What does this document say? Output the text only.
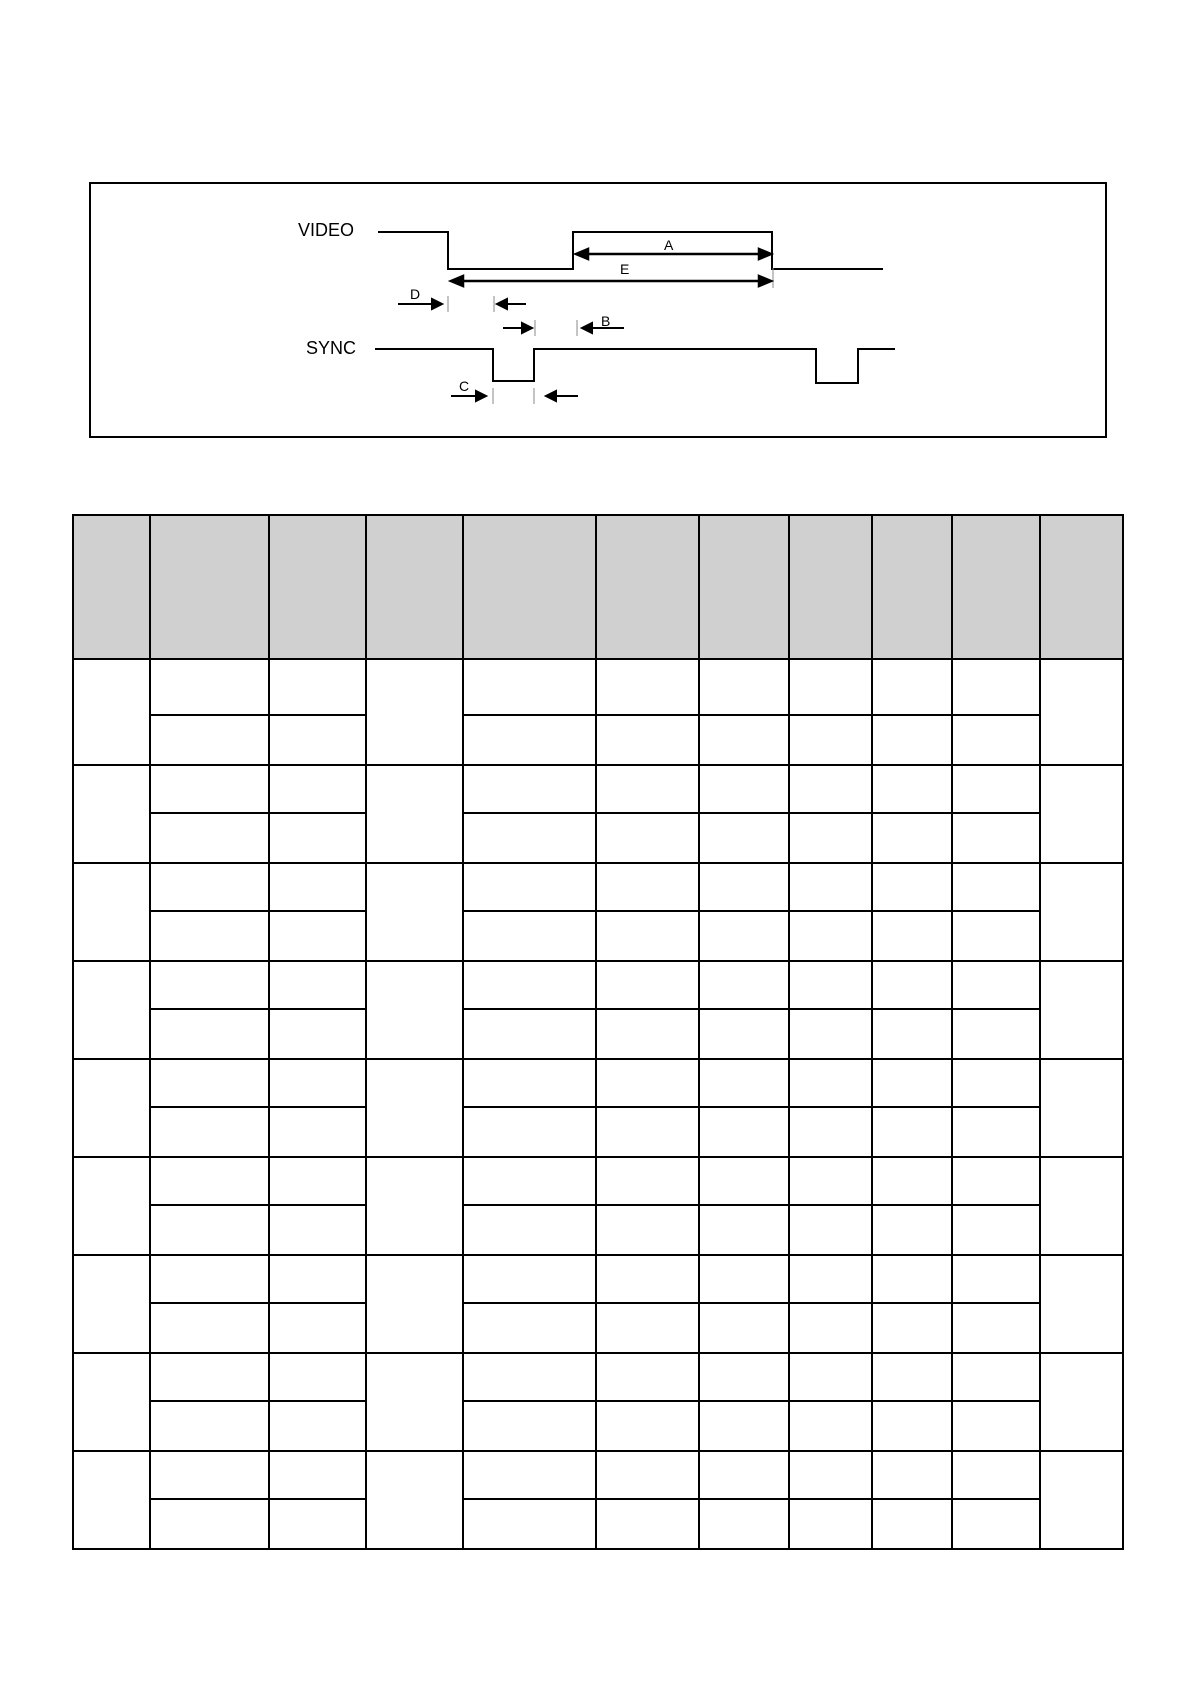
VIDEO
SYNC
A
E
D
B
C
